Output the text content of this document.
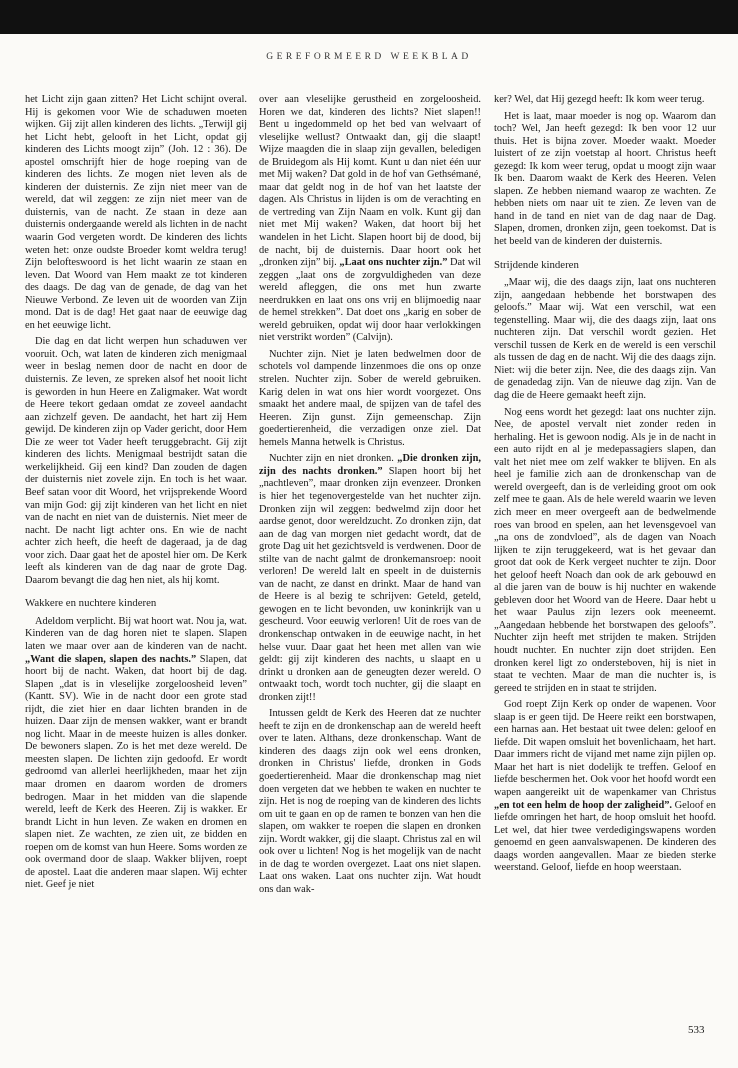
GEREFORMEERD WEEKBLAD

het Licht zijn gaan zitten? Het Licht schijnt overal. Hij is gekomen voor Wie de schaduwen moeten wijken. Gij zijt allen kinderen des lichts. „Terwijl gij het Licht hebt, gelooft in het Licht, opdat gij kinderen des Lichts moogt zijn” (Joh. 12 : 36). De apostel omschrijft hier de hoge roeping van de kinderen des lichts. Ze mogen niet leven als de kinderen der duisternis. Ze zijn niet meer van de wereld, dat wil zeggen: ze zijn niet meer van de duisternis, van de nacht. Ze staan in deze aan duisternis ondergaande wereld als lichten in de nacht waarin God vergeten wordt. De kinderen des lichts weten het: onze oudste Broeder komt weldra terug! Zijn belofteswoord is het licht waarin ze staan en leven. Dat Woord van Hem maakt ze tot kinderen des daags. De dag van de genade, de dag van het Nieuwe Verbond. Ze leven uit de woorden van Zijn mond. Dat is de dag! Het gaat naar de eeuwige dag en het eeuwige licht.

Die dag en dat licht werpen hun schaduwen ver vooruit. Och, wat laten de kinderen zich menigmaal weer in beslag nemen door de nacht en door de duisternis. Ze leven, ze spreken alsof het nooit licht is geworden in hun Heere en Zaligmaker. Wat wordt de Heere tekort gedaan omdat ze zoveel aandacht aan zichzelf geven. De aandacht, het hart zij Hem gewijd. De kinderen zijn op Vader gericht, door Hem Die ze weer tot Vader heeft teruggebracht. Gij zijt kinderen des lichts. Menigmaal bestrijdt satan die werkelijkheid. Gij een kind? Dan zouden de dagen der duisternis niet zovele zijn. En toch is het waar. Beef satan voor dit Woord, het vrijsprekende Woord van mijn God: gij zijt kinderen van het licht en niet van de nacht en niet van de duisternis. Niet meer de nacht. De nacht ligt achter ons. En wie de nacht achter zich heeft, die heeft de dageraad, ja de dag voor zich. Daar gaat het de apostel hier om. De Kerk leeft als kinderen van de dag naar de grote Dag. Daarom bevangt die dag hen niet, als hij komt.

Wakkere en nuchtere kinderen

Adeldom verplicht. Bij wat hoort wat. Nou ja, wat. Kinderen van de dag horen niet te slapen. Slapen laten we maar over aan de kinderen van de nacht. „Want die slapen, slapen des nachts.” Slapen, dat hoort bij de nacht. Waken, dat hoort bij de dag. Slapen „dat is in vleselijke zorgeloosheid leven” (Kantt. SV). Wie in de nacht door een grote stad rijdt, die ziet hier en daar lichten branden in de huizen. Daar zijn de mensen wakker, want er brandt nog licht. Maar in de meeste huizen is alles donker. De bewoners slapen. Zo is het met deze wereld. De meesten slapen. De lichten zijn gedoofd. Er wordt gedroomd van allerlei heerlijkheden, maar het zijn maar dromen en daarom worden de dromers bedrogen. Maar in het midden van die slapende wereld, leeft de Kerk des Heeren. Zij is wakker. Er brandt Licht in hun leven. Ze waken en dromen en slapen niet. Ze wachten, ze zien uit, ze bidden en roepen om de komst van hun Heere. Soms worden ze ook overmand door de slaap. Wakker blijven, roept de apostel. Laat die anderen maar slapen. Wij echter niet. Geef je niet

over aan vleselijke gerustheid en zorgeloosheid. Horen we dat, kinderen des lichts? Niet slapen!! Bent u ingedommeld op het bed van welvaart of vleselijke wellust? Ontwaakt dan, gij die slaapt! Wijze maagden die in slaap zijn gevallen, beledigen de Bruidegom als Hij komt. Kunt u dan niet één uur met Mij waken? Dat gold in de hof van Gethsémané, maar dat geldt nog in de hof van het laatste der dagen. Als Christus in lijden is om de verachting en de vertreding van Zijn Naam en volk. Kunt gij dan niet met Mij waken? Waken, dat hoort bij het wandelen in het Licht. Slapen hoort bij de dood, bij de nacht, bij de duisternis. Daar hoort ook het „dronken zijn” bij. „Laat ons nuchter zijn.” Dat wil zeggen „laat ons de zorgvuldigheden van deze wereld afleggen, die ons met hun zwarte neerdrukken en laat ons ons vrij en blijmoedig naar de hemel strekken”. Dat doet ons „karig en sober de wereld gebruiken, opdat wij door haar verlokkingen niet verstrikt worden” (Calvijn).

Nuchter zijn. Niet je laten bedwelmen door de schotels vol dampende linzenmoes die ons op onze strelen. Nuchter zijn. Sober de wereld gebruiken. Karig delen in wat ons hier wordt voorgezet. Ons smaakt het andere maal, de spijzen van de tafel des Heeren. Zijn gunst. Zijn gemeenschap. Zijn goedertierenheid, die verzadigen onze ziel. Dat hemels Manna hetwelk is Christus.

Nuchter zijn en niet dronken. „Die dronken zijn, zijn des nachts dronken.” Slapen hoort bij het „nachtleven”, maar dronken zijn evenzeer. Dronken is hier het tegenovergestelde van het nuchter zijn. Dronken zijn wil zeggen: bedwelmd zijn door het aardse genot, door wereldzucht. Zo dronken zijn, dat aan de dag van morgen niet gedacht wordt, dat de grote Dag uit het gezichtsveld is verdwenen. Door de stilte van de nacht galmt de dronkemansroep: nooit verloren! De wereld lalt en speelt in de duisternis van de nacht, ze danst en drinkt. Maar de hand van de Heere is al bezig te schrijven: Geteld, geteld, gewogen en te licht bevonden, uw koninkrijk van u gescheurd. Voor eeuwig verloren! Uit de roes van de dronkenschap ontwaken in de eeuwige nacht, in het helse vuur. Daar gaat het heen met allen van wie geldt: gij zijt kinderen des nachts, u slaapt en u drinkt u dronken aan de geneugten dezer wereld. O ontwaakt toch, wordt toch nuchter, gij die slaapt en dronken zijt!!

Intussen geldt de Kerk des Heeren dat ze nuchter heeft te zijn en de dronkenschap aan de wereld heeft over te laten. Althans, deze dronkenschap. Want de kinderen des daags zijn ook wel eens dronken, dronken in Christus' liefde, dronken in Gods goedertierenheid. Maar die dronkenschap mag niet doen vergeten dat we hebben te waken en nuchter te zijn. Het is nog de roeping van de kinderen des lichts om uit te gaan en op de ramen te bonzen van hen die slapen, om wakker te roepen die slapen en dronken zijn. Wordt wakker, gij die slaapt. Christus zal en wil ook over u lichten! Nog is het mogelijk van de nacht in de dag te worden overgezet. Laat ons niet slapen. Laat ons waken. Laat ons nuchter zijn. Wat houdt ons dan wak-

ker? Wel, dat Hij gezegd heeft: Ik kom weer terug.

Het is laat, maar moeder is nog op. Waarom dan toch? Wel, Jan heeft gezegd: Ik ben voor 12 uur thuis. Het is bijna zover. Moeder waakt. Moeder luistert of ze zijn voetstap al hoort. Christus heeft gezegd: Ik kom weer terug, opdat u moogt zijn waar Ik ben. Daarom waakt de Kerk des Heeren. Velen slapen. Ze hebben niemand waarop ze wachten. Ze hebben niets om naar uit te zien. Ze leven van de hand in de tand en niet van de dag naar de Dag. Slapen, dromen, dronken zijn, geen toekomst. Dat is het beeld van de kinderen der duisternis.

Strijdende kinderen

„Maar wij, die des daags zijn, laat ons nuchteren zijn, aangedaan hebbende het borstwapen des geloofs.” Maar wij. Wat een verschil, wat een tegenstelling. Maar wij, die des daags zijn, laat ons nuchteren zijn. Dat verschil wordt gezien. Het verschil tussen de Kerk en de wereld is een verschil als tussen de dag en de nacht. Wij die des daags zijn. Niet: wij die beter zijn. Nee, die des daags zijn. Van de genadedag zijn. Van de nieuwe dag zijn. Van de dag die de Heere gemaakt heeft zijn.

Nog eens wordt het gezegd: laat ons nuchter zijn. Nee, de apostel vervalt niet zonder reden in herhaling. Het is gewoon nodig. Als je in de nacht in een auto rijdt en al je medepassagiers slapen, dan valt het niet mee om zelf wakker te blijven. En als heel je familie zich aan de dronkenschap van de wereld overgeeft, dan is de verleiding groot om ook zelf mee te gaan. Als de hele wereld waarin we leven zich meer en meer overgeeft aan de bedwelmende roes van brood en spelen, aan het levensgevoel van „na ons de zondvloed”, als de dagen van Noach lijken te zijn teruggekeerd, wat is het gevaar dan groot dat ook de Kerk vergeet nuchter te zijn. Door het geloof heeft Noach dan ook de ark gebouwd en al die jaren van de bouw is hij nuchter en wakende gebleven door het Woord van de Heere. Daar hebt u het waar Paulus zijn lezers ook meeneemt. „Aangedaan hebbende het borstwapen des geloofs”. Nuchter zijn heeft met strijden te maken. Strijden houdt nuchter. En nuchter zijn doet strijden. Een dronken kerel ligt zo ondersteboven, hij is niet in staat te vechten. Maar de man die nuchter is, is gereed te strijden en in staat te strijden.

God roept Zijn Kerk op onder de wapenen. Voor slaap is er geen tijd. De Heere reikt een borstwapen, een harnas aan. Het bestaat uit twee delen: geloof en liefde. Dit wapen omsluit het bovenlichaam, het hart. Daar immers richt de vijand met name zijn pijlen op. Maar het hart is niet dodelijk te treffen. Geloof en liefde beschermen het. Ook voor het hoofd wordt een wapen aangereikt uit de wapenkamer van Christus „en tot een helm de hoop der zaligheid”. Geloof en liefde omringen het hart, de hoop omsluit het hoofd. Let wel, dat hier twee verdedigingswapens worden genoemd en geen aanvalswapenen. De kinderen des daags worden aangevallen. Maar ze bieden sterke weerstand. Geloof, liefde en hoop weerstaan.

533
